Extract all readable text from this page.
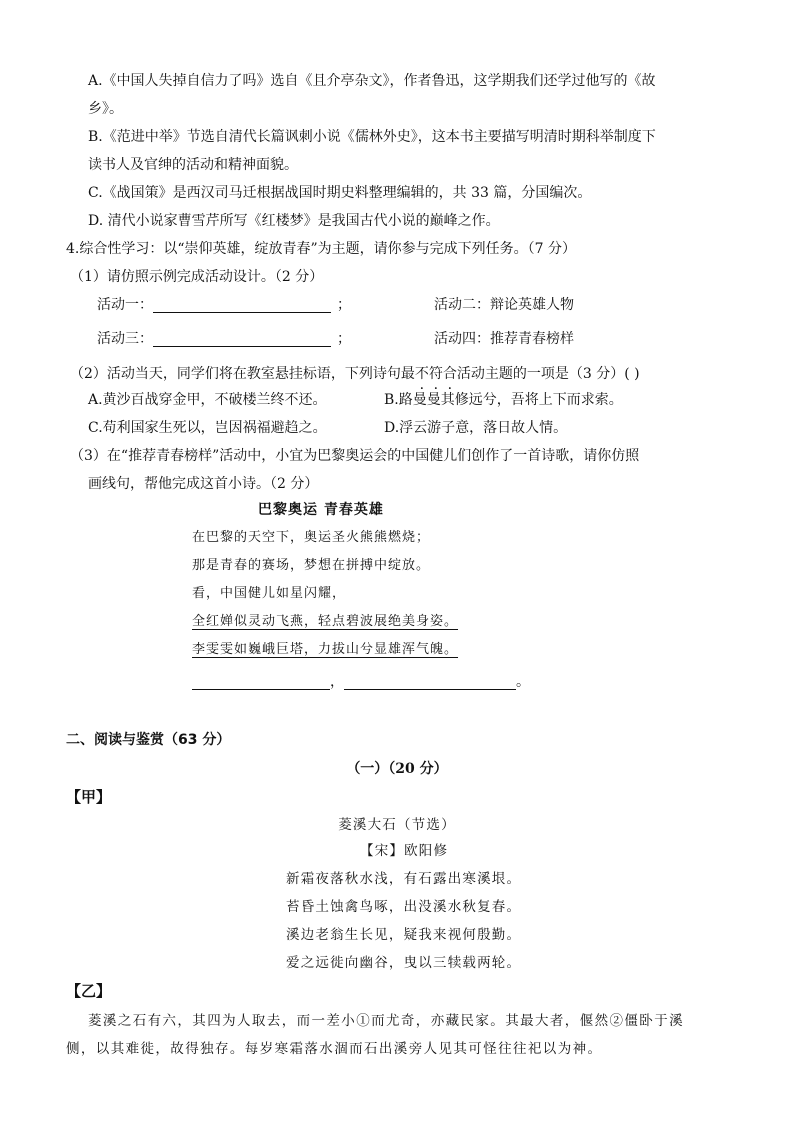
A.《中国人失掉自信力了吗》选自《且介亭杂文》，作者鲁迅，这学期我们还学过他写的《故
乡》。
B.《范进中举》节选自清代长篇讽刺小说《儒林外史》，这本书主要描写明清时期科举制度下
读书人及官绅的活动和精神面貌。
C.《战国策》是西汉司马迁根据战国时期史料整理编辑的，共 33 篇，分国编次。
D. 清代小说家曹雪芹所写《红楼梦》是我国古代小说的巅峰之作。
4.综合性学习：以“崇仰英雄，绽放青春”为主题，请你参与完成下列任务。（7 分）
（1）请仿照示例完成活动设计。（2 分）
活动一：	；	活动二：辩论英雄人物
活动三：	；	活动四：推荐青春榜样
（2）活动当天，同学们将在教室悬挂标语，下列诗句最不符合活动主题的一项是（3 分）( )
A.黄沙百战穿金甲，不破楼兰终不还。	B.路曼曼其修远兮，吾将上下而求索。
C.苟利国家生死以，岂因祸福避趋之。	D.浮云游子意，落日故人情。
（3）在“推荐青春榜样”活动中，小宜为巴黎奥运会的中国健儿们创作了一首诗歌，请你仿照
画线句，帮他完成这首小诗。（2 分）
巴黎奥运 青春英雄
在巴黎的天空下，奥运圣火熊熊燃烧；
那是青春的赛场，梦想在拼搏中绽放。
看，中国健儿如星闪耀，
全红婵似灵动飞燕，轻点碧波展绝美身姿。
李雯雯如巍峨巨塔，力拔山兮显雄浑气魄。
，	。
二、阅读与鉴赏（63 分）
（一）（20 分）
【甲】
菱溪大石（节选）
【宋】欧阳修
新霜夜落秋水浅，有石露出寒溪垠。
苔昏土蚀禽鸟啄，出没溪水秋复春。
溪边老翁生长见，疑我来视何殷勤。
爱之远徙向幽谷，曳以三犊载两轮。
【乙】
菱溪之石有六，其四为人取去，而一差小①而尤奇，亦藏民家。其最大者，偃然②僵卧于溪
侧，以其难徙，故得独存。每岁寒霜落水涸而石出溪旁人见其可怪往往祀以为神。
